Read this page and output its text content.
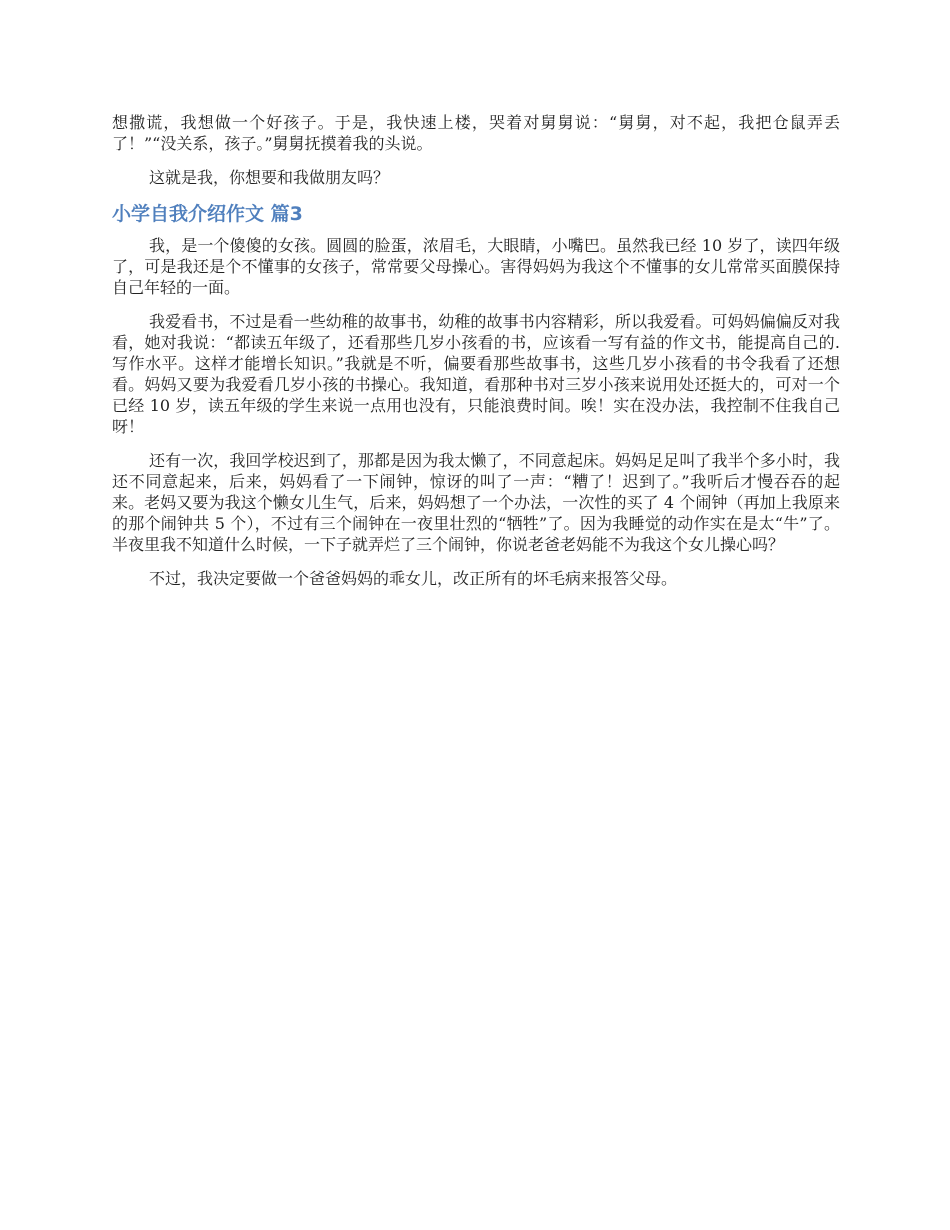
想撒谎，我想做一个好孩子。于是，我快速上楼，哭着对舅舅说：“舅舅，对不起，我把仓鼠弄丢了！”“没关系，孩子。”舅舅抚摸着我的头说。

这就是我，你想要和我做朋友吗？

小学自我介绍作文 篇3

我，是一个傻傻的女孩。圆圆的脸蛋，浓眉毛，大眼睛，小嘴巴。虽然我已经 10 岁了，读四年级了，可是我还是个不懂事的女孩子，常常要父母操心。害得妈妈为我这个不懂事的女儿常常买面膜保持自己年轻的一面。

我爱看书，不过是看一些幼稚的故事书，幼稚的故事书内容精彩，所以我爱看。可妈妈偏偏反对我看，她对我说：“都读五年级了，还看那些几岁小孩看的书，应该看一写有益的作文书，能提高自己的.写作水平。这样才能增长知识。”我就是不听，偏要看那些故事书，这些几岁小孩看的书令我看了还想看。妈妈又要为我爱看几岁小孩的书操心。我知道，看那种书对三岁小孩来说用处还挺大的，可对一个已经 10 岁，读五年级的学生来说一点用也没有，只能浪费时间。唉！实在没办法，我控制不住我自己呀！

还有一次，我回学校迟到了，那都是因为我太懒了，不同意起床。妈妈足足叫了我半个多小时，我还不同意起来，后来，妈妈看了一下闹钟，惊讶的叫了一声：“糟了！迟到了。”我听后才慢吞吞的起来。老妈又要为我这个懒女儿生气，后来，妈妈想了一个办法，一次性的买了 4 个闹钟（再加上我原来的那个闹钟共 5 个），不过有三个闹钟在一夜里壮烈的“牺牲”了。因为我睡觉的动作实在是太“牛”了。半夜里我不知道什么时候，一下子就弄烂了三个闹钟，你说老爸老妈能不为我这个女儿操心吗？

不过，我决定要做一个爸爸妈妈的乖女儿，改正所有的坏毛病来报答父母。
